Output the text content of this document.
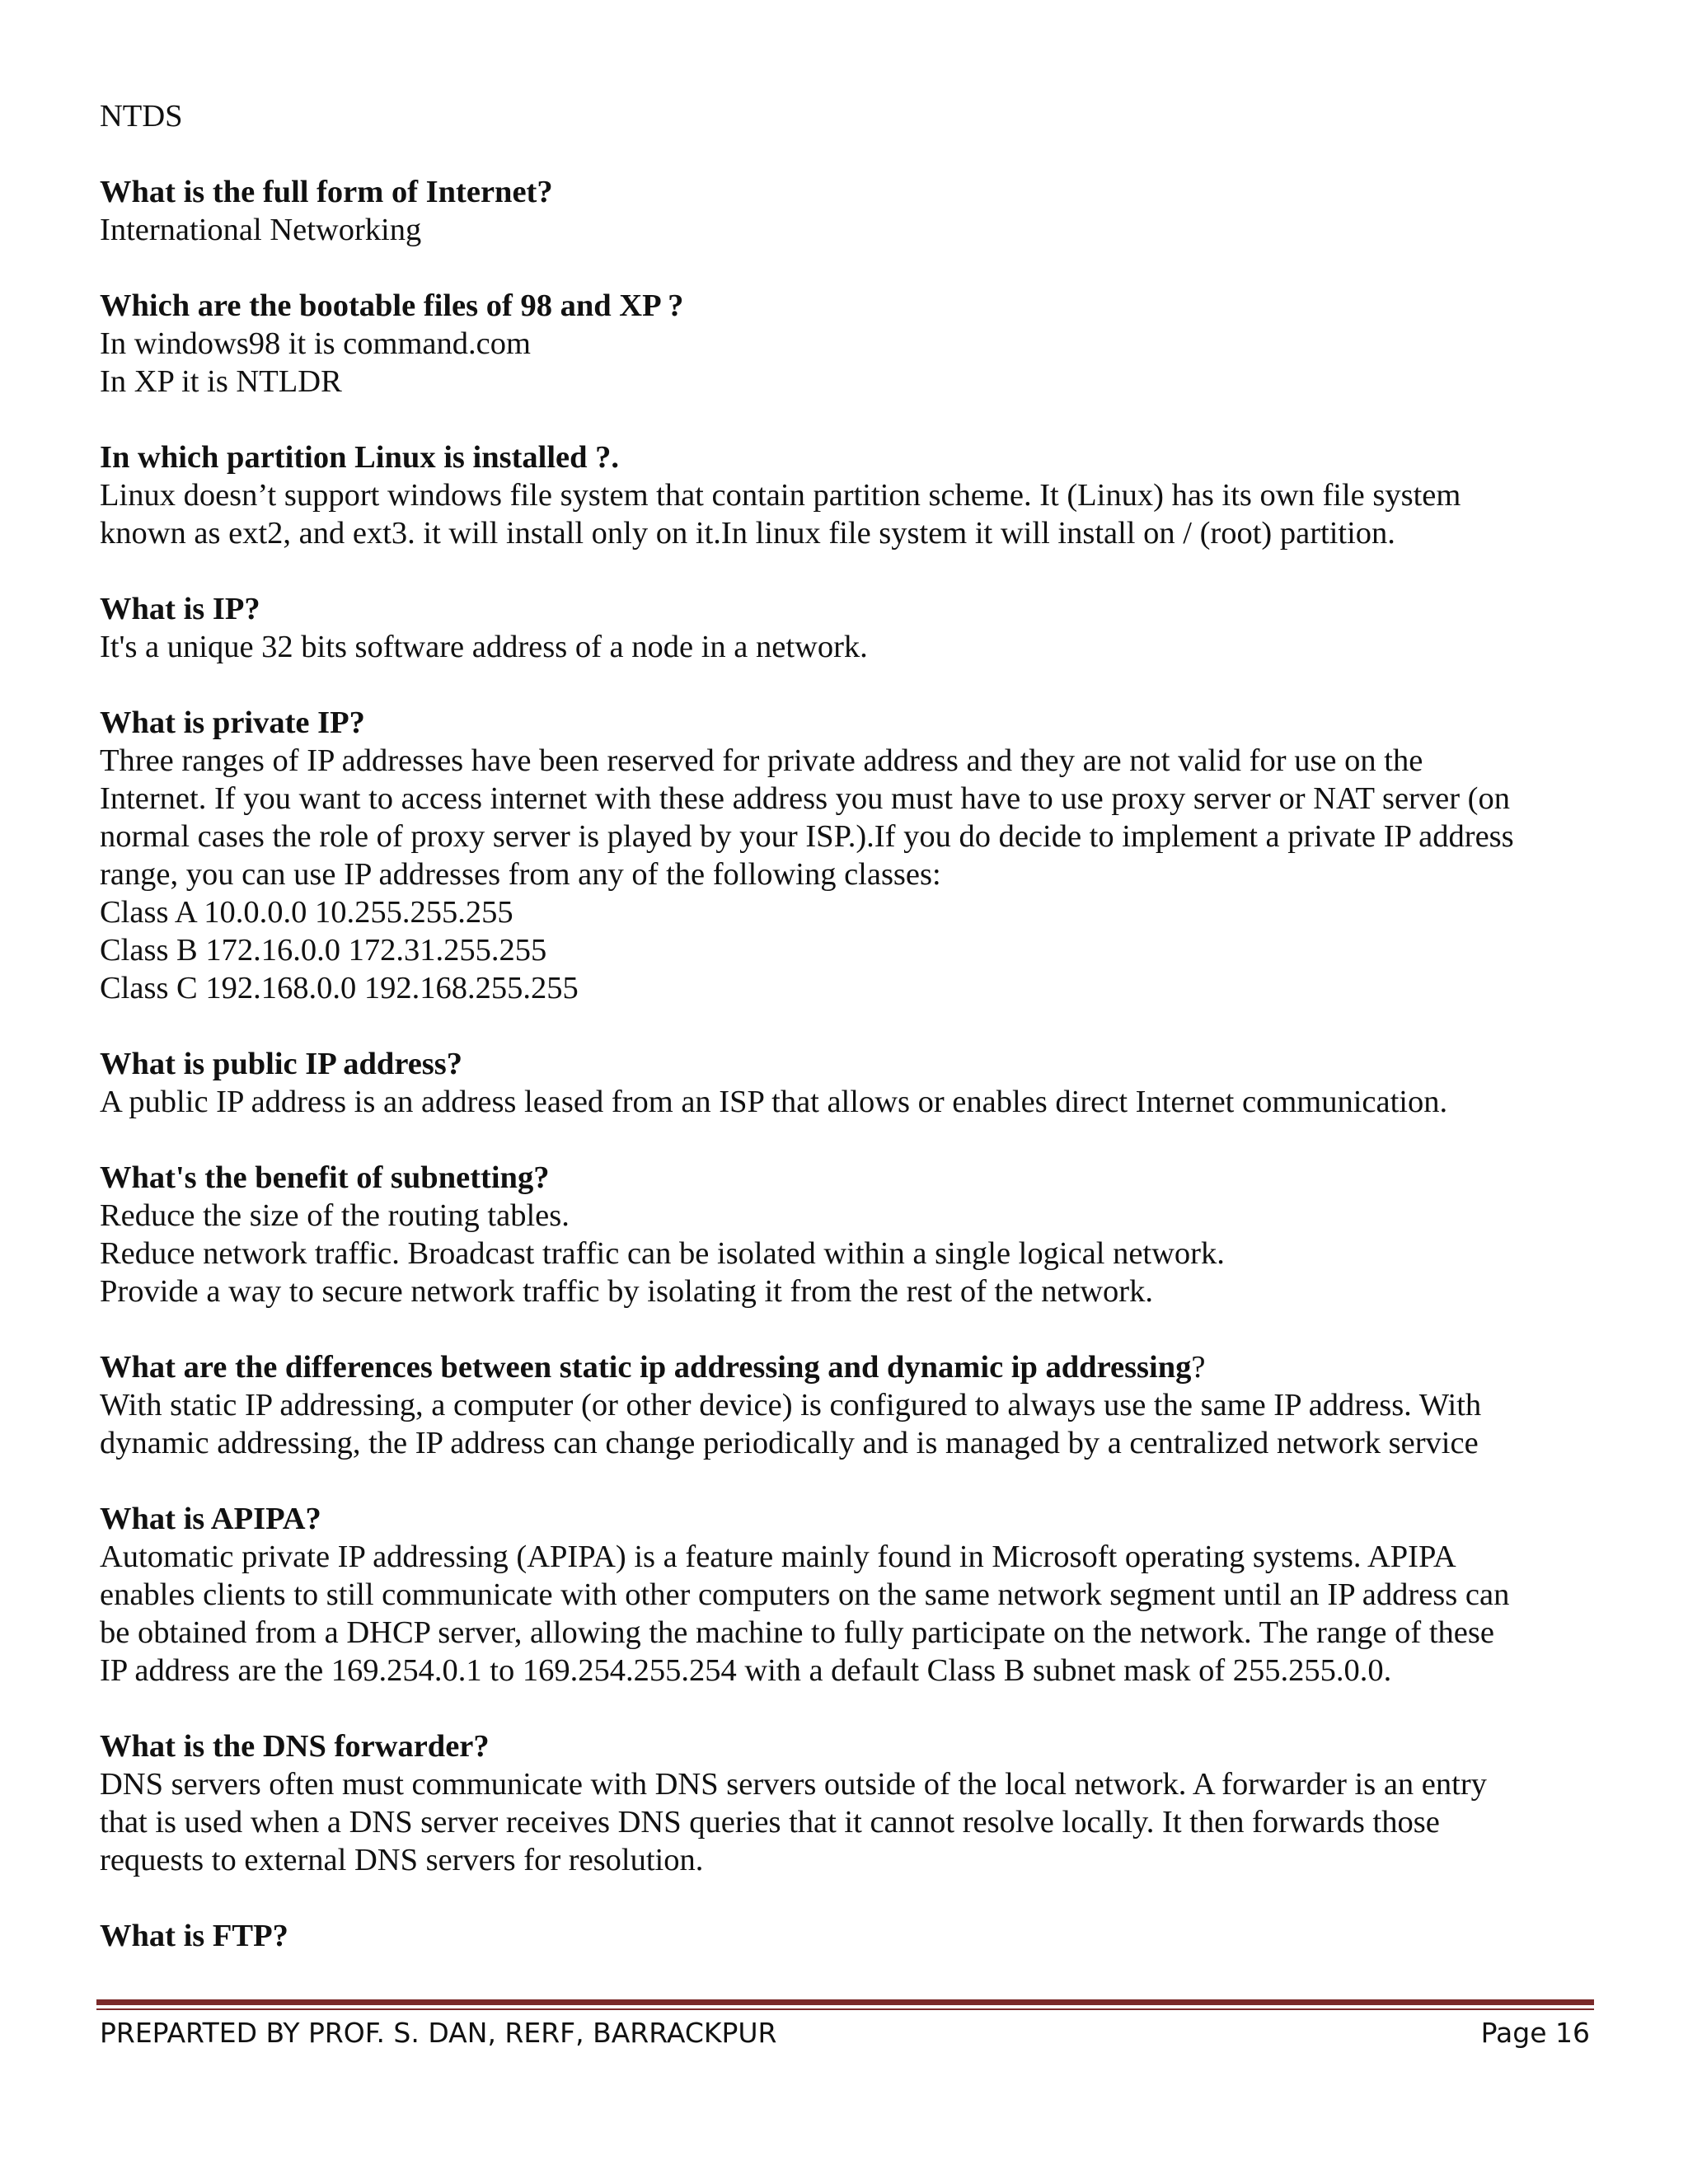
NTDS

What is the full form of Internet?

International Networking

Which are the bootable files of 98 and XP ?

In windows98 it is command.com

In XP it is NTLDR

In which partition Linux is installed ?.

Linux doesn’t support windows file system that contain partition scheme. It (Linux) has its own file system

known as ext2, and ext3. it will install only on it.In linux file system it will install on / (root) partition.

What is IP?

It's a unique 32 bits software address of a node in a network.

What is private IP?

Three ranges of IP addresses have been reserved for private address and they are not valid for use on the

Internet. If you want to access internet with these address you must have to use proxy server or NAT server (on

normal cases the role of proxy server is played by your ISP.).If you do decide to implement a private IP address

range, you can use IP addresses from any of the following classes:

Class A 10.0.0.0 10.255.255.255

Class B 172.16.0.0 172.31.255.255

Class C 192.168.0.0 192.168.255.255

What is public IP address?

A public IP address is an address leased from an ISP that allows or enables direct Internet communication.

What's the benefit of subnetting?

Reduce the size of the routing tables.

Reduce network traffic. Broadcast traffic can be isolated within a single logical network.

Provide a way to secure network traffic by isolating it from the rest of the network.

What are the differences between static ip addressing and dynamic ip addressing?

With static IP addressing, a computer (or other device) is configured to always use the same IP address. With

dynamic addressing, the IP address can change periodically and is managed by a centralized network service

What is APIPA?

Automatic private IP addressing (APIPA) is a feature mainly found in Microsoft operating systems. APIPA

enables clients to still communicate with other computers on the same network segment until an IP address can

be obtained from a DHCP server, allowing the machine to fully participate on the network. The range of these

IP address are the 169.254.0.1 to 169.254.255.254 with a default Class B subnet mask of 255.255.0.0.

What is the DNS forwarder?

DNS servers often must communicate with DNS servers outside of the local network. A forwarder is an entry

that is used when a DNS server receives DNS queries that it cannot resolve locally. It then forwards those

requests to external DNS servers for resolution.

What is FTP?

PREPARTED BY PROF. S. DAN, RERF, BARRACKPUR	Page 16
